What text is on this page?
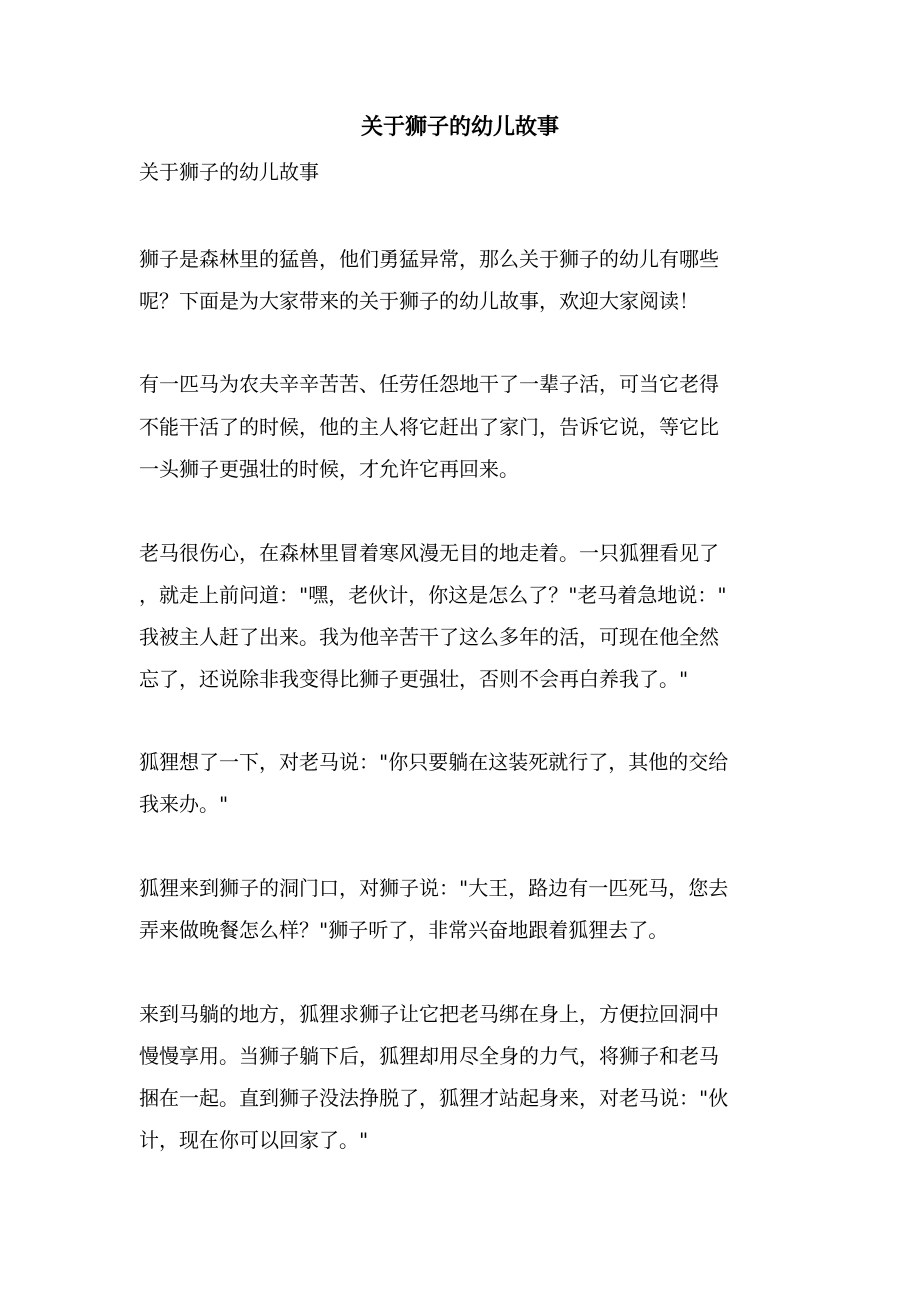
关于狮子的幼儿故事

关于狮子的幼儿故事

狮子是森林里的猛兽，他们勇猛异常，那么关于狮子的幼儿有哪些

呢？下面是为大家带来的关于狮子的幼儿故事，欢迎大家阅读！

有一匹马为农夫辛辛苦苦、任劳任怨地干了一辈子活，可当它老得

不能干活了的时候，他的主人将它赶出了家门，告诉它说，等它比

一头狮子更强壮的时候，才允许它再回来。

老马很伤心，在森林里冒着寒风漫无目的地走着。一只狐狸看见了

，就走上前问道："嘿，老伙计，你这是怎么了？"老马着急地说："

我被主人赶了出来。我为他辛苦干了这么多年的活，可现在他全然

忘了，还说除非我变得比狮子更强壮，否则不会再白养我了。"

狐狸想了一下，对老马说："你只要躺在这装死就行了，其他的交给

我来办。"

狐狸来到狮子的洞门口，对狮子说："大王，路边有一匹死马，您去

弄来做晚餐怎么样？"狮子听了，非常兴奋地跟着狐狸去了。

来到马躺的地方，狐狸求狮子让它把老马绑在身上，方便拉回洞中

慢慢享用。当狮子躺下后，狐狸却用尽全身的力气，将狮子和老马

捆在一起。直到狮子没法挣脱了，狐狸才站起身来，对老马说："伙

计，现在你可以回家了。"
